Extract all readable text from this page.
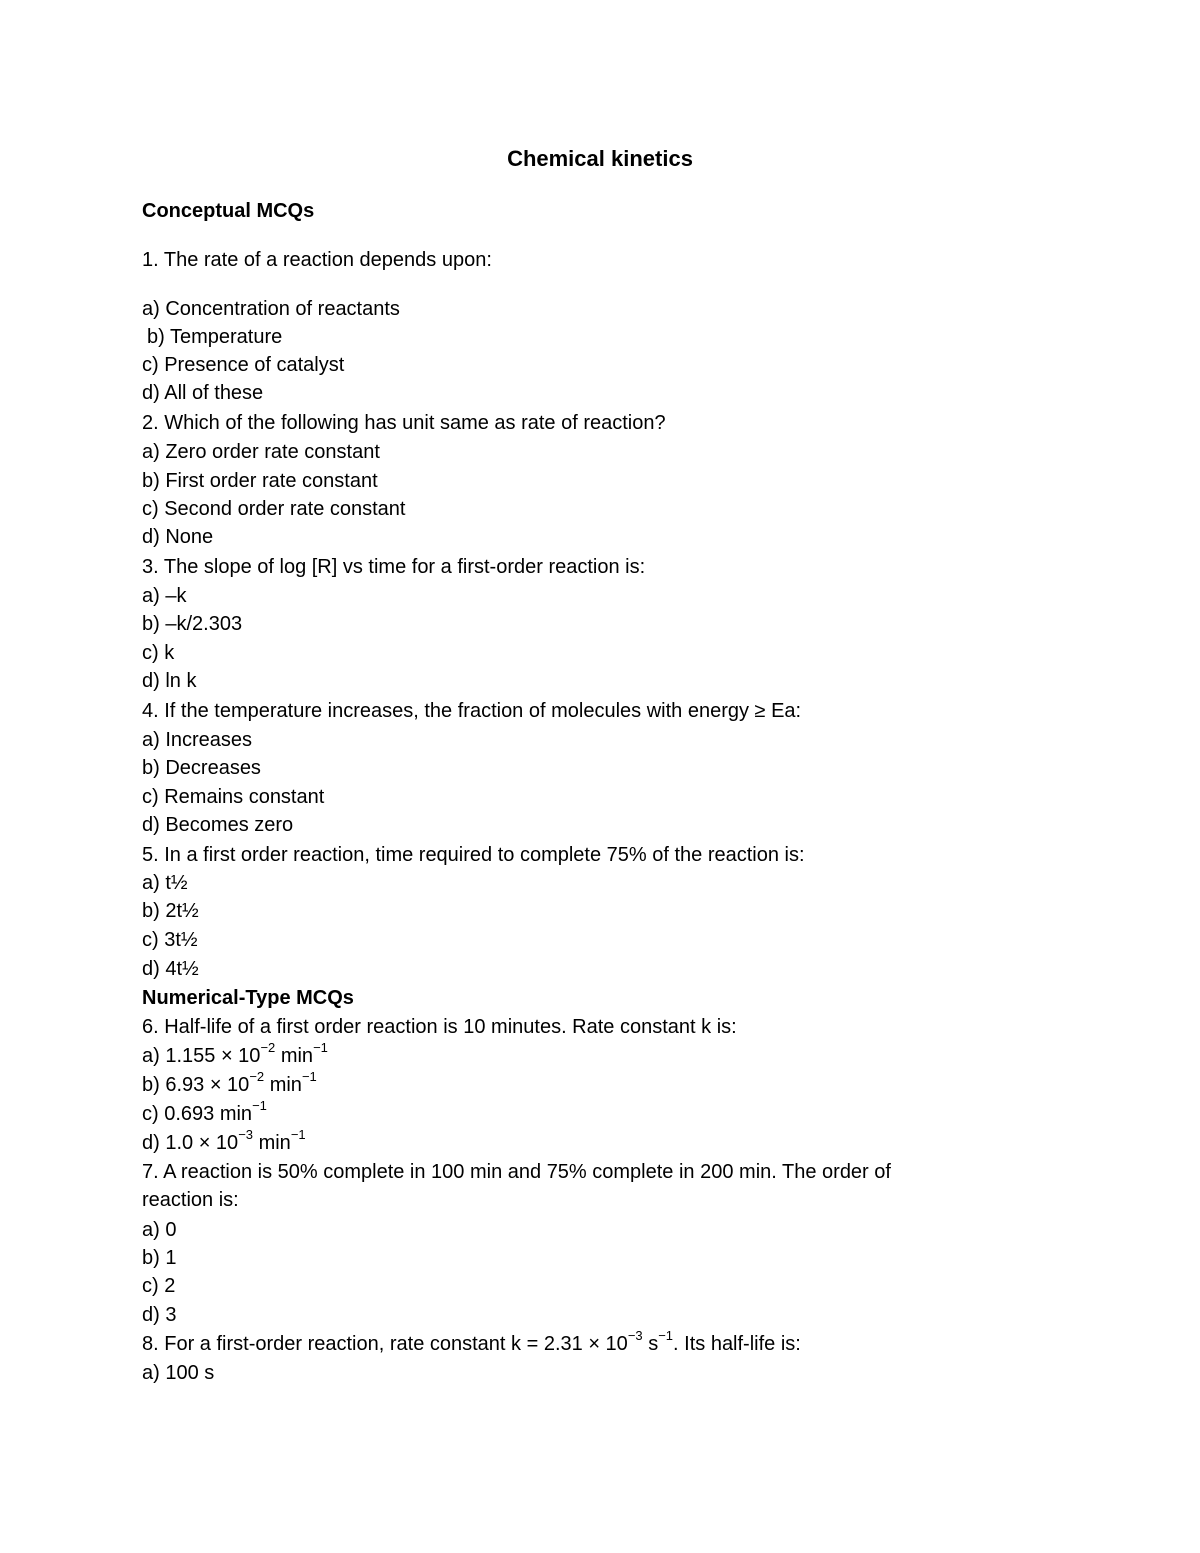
Chemical kinetics
Conceptual MCQs
1. The rate of a reaction depends upon:
a) Concentration of reactants
b) Temperature
c) Presence of catalyst
d) All of these
2. Which of the following has unit same as rate of reaction?
a) Zero order rate constant
b) First order rate constant
c) Second order rate constant
d) None
3. The slope of log [R] vs time for a first-order reaction is:
a) –k
b) –k/2.303
c) k
d) ln k
4. If the temperature increases, the fraction of molecules with energy ≥ Ea:
a) Increases
b) Decreases
c) Remains constant
d) Becomes zero
5. In a first order reaction, time required to complete 75% of the reaction is:
a) t½
b) 2t½
c) 3t½
d) 4t½
Numerical-Type MCQs
6. Half-life of a first order reaction is 10 minutes. Rate constant k is:
a) $1.155 \times 10^{-2}$ $\min^{-1}$
b) $6.93 \times 10^{-2}$ $\min^{-1}$
c) 0.693 $\min^{-1}$
d) $1.0 \times 10^{-3}$ $\min^{-1}$
7. A reaction is 50% complete in 100 min and 75% complete in 200 min. The order of
reaction is:
a) 0
b) 1
c) 2
d) 3
8. For a first-order reaction, rate constant $k = 2.31 \times 10^{-3}$ $s^{-1}$. Its half-life is:
a) 100 s
